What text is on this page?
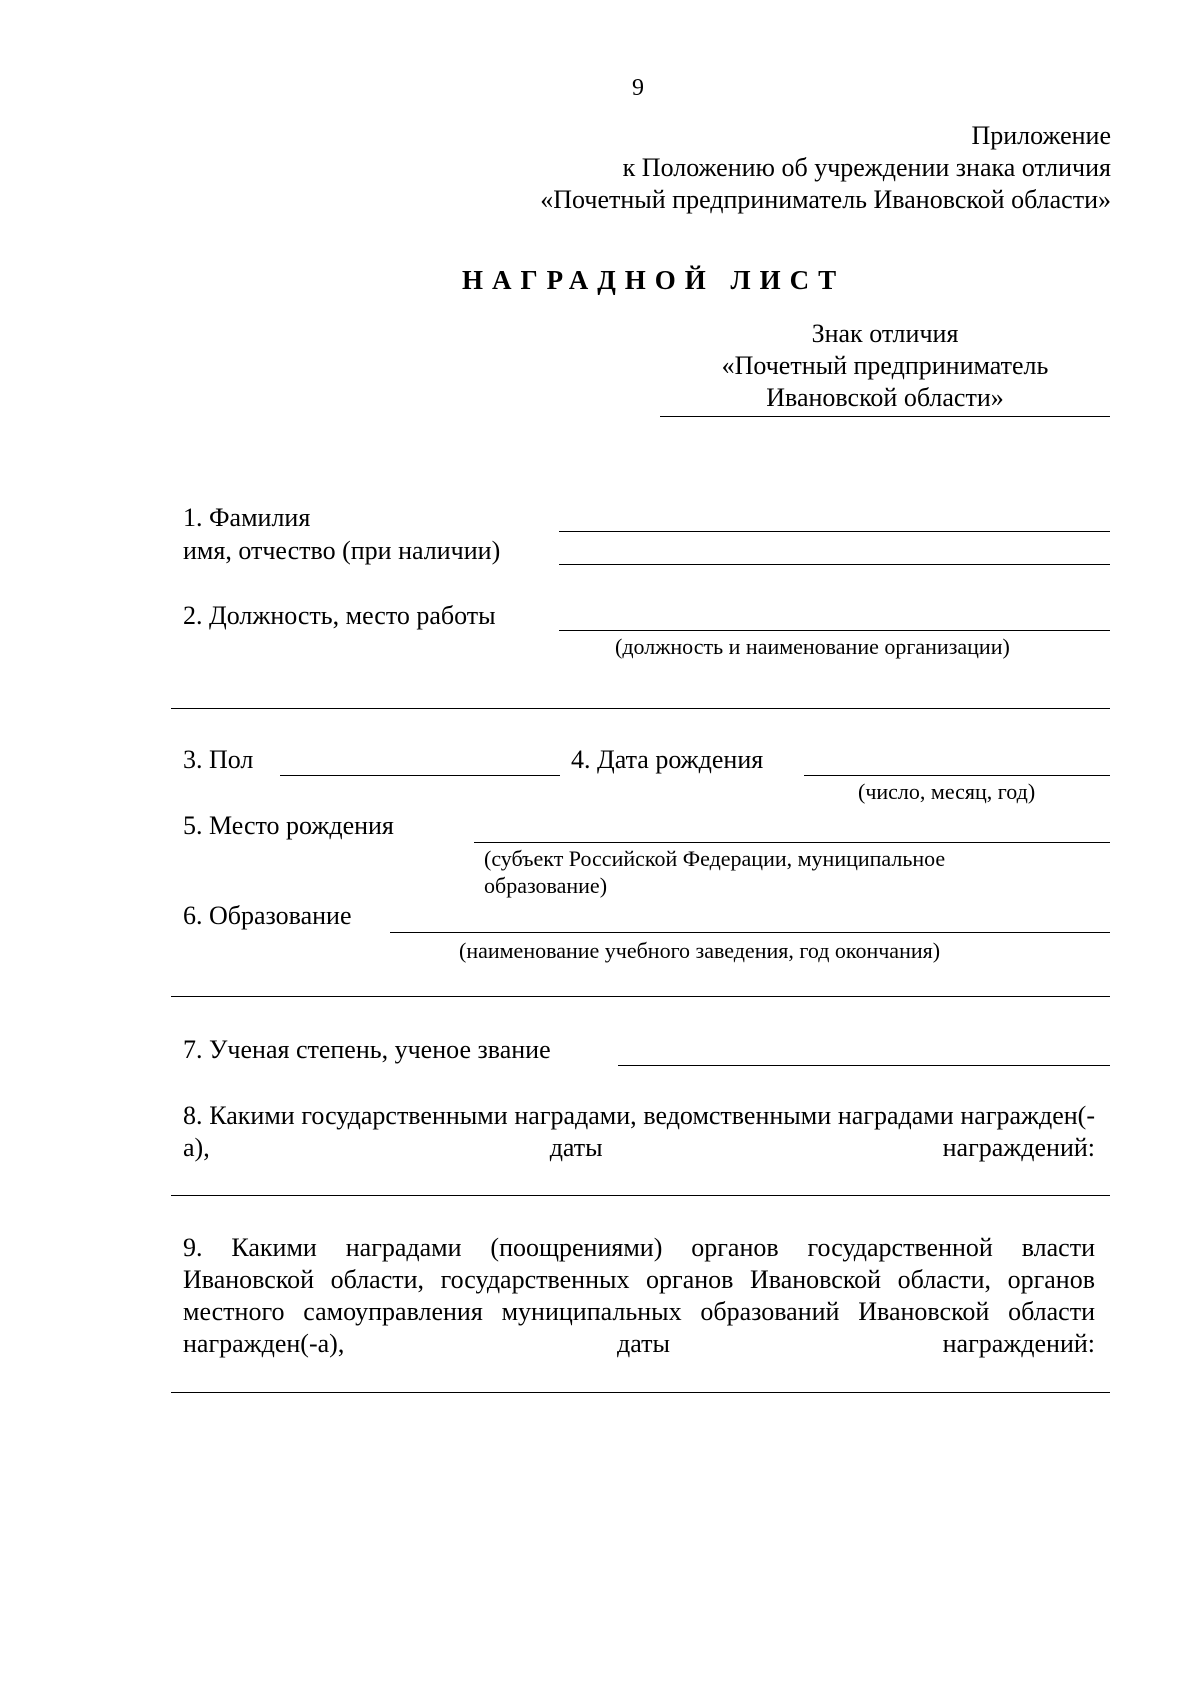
9
Приложение
к Положению об учреждении знака отличия
«Почетный предприниматель Ивановской области»
НАГРАДНОЙ ЛИСТ
Знак отличия
«Почетный предприниматель
Ивановской области»
1. Фамилия
имя, отчество (при наличии)
2. Должность, место работы
(должность и наименование организации)
3. Пол	4. Дата рождения
(число, месяц, год)
5. Место рождения
(субъект Российской Федерации, муниципальное
образование)
6. Образование
(наименование учебного заведения, год окончания)
7. Ученая степень, ученое звание
8. Какими государственными наградами, ведомственными наградами награжден(-а), даты награждений:
9. Какими наградами (поощрениями) органов государственной власти Ивановской области, государственных органов Ивановской области, органов местного самоуправления муниципальных образований Ивановской области награжден(-а), даты награждений:
